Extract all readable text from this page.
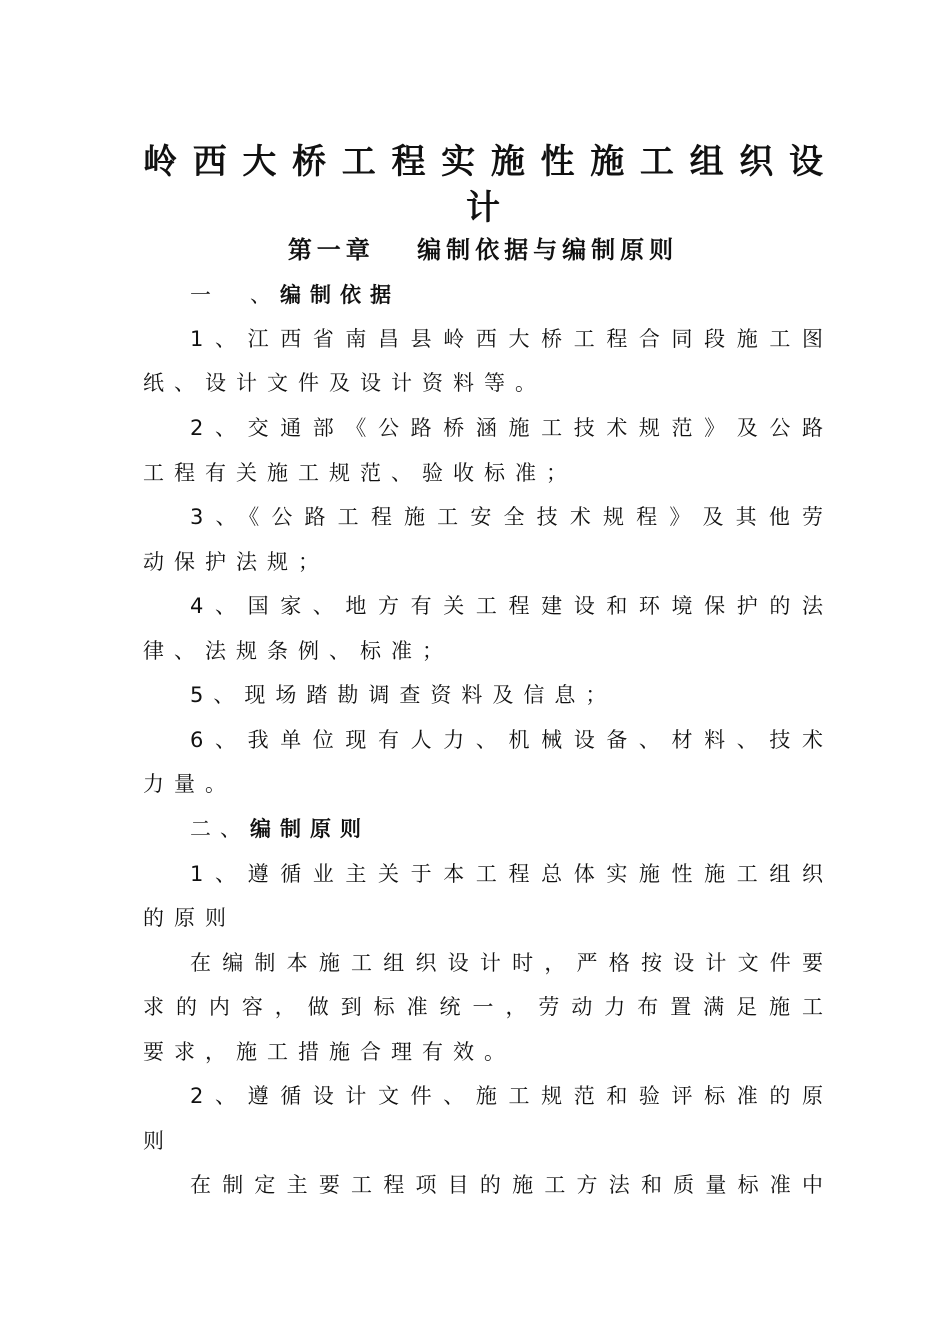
岭西大桥工程实施性施工组织设
计
第一章　 编制依据与编制原则
一　、编制依据
1、江西省南昌县岭西大桥工程合同段施工图
纸、设计文件及设计资料等。
2、交通部《公路桥涵施工技术规范》及公路
工程有关施工规范、验收标准；
3、《公路工程施工安全技术规程》及其他劳
动保护法规；
4、国家、地方有关工程建设和环境保护的法
律、法规条例、标准；
5、现场踏勘调查资料及信息；
6、我单位现有人力、机械设备、材料、技术
力量。
二、编制原则
1、遵循业主关于本工程总体实施性施工组织
的原则
在编制本施工组织设计时，严格按设计文件要
求的内容，做到标准统一，劳动力布置满足施工
要求，施工措施合理有效。
2、遵循设计文件、施工规范和验评标准的原
则
在制定主要工程项目的施工方法和质量标准中
